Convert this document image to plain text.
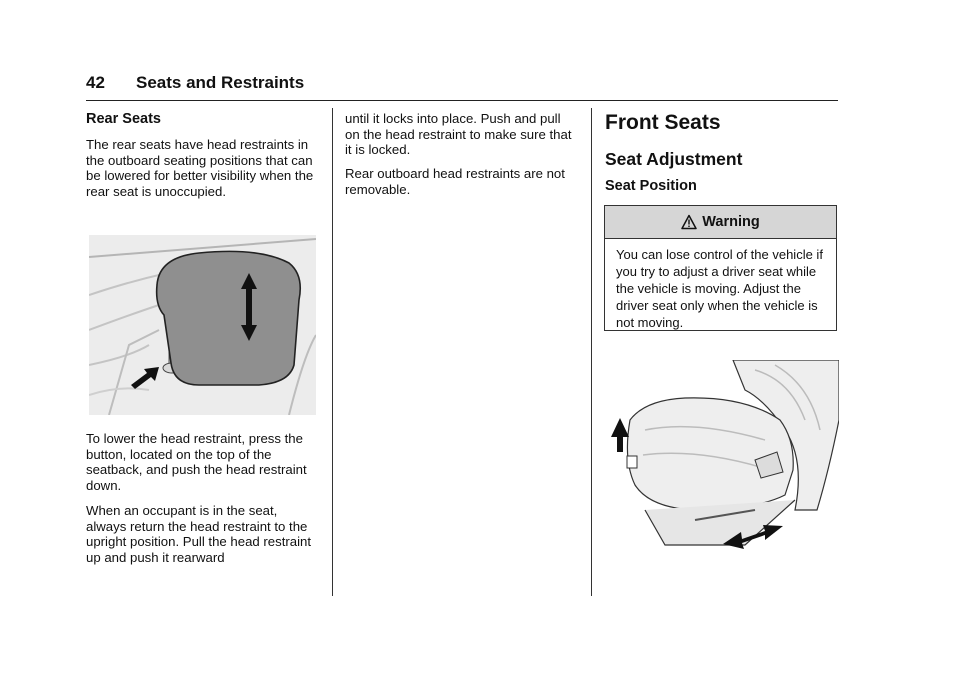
42 Seats and Restraints
Rear Seats

The rear seats have head restraints in the outboard seating positions that can be lowered for better visibility when the rear seat is unoccupied.

To lower the head restraint, press the button, located on the top of the seatback, and push the head restraint down.

When an occupant is in the seat, always return the head restraint to the upright position. Pull the head restraint up and push it rearward

until it locks into place. Push and pull on the head restraint to make sure that it is locked.

Rear outboard head restraints are not removable.

Front Seats
Seat Adjustment
Seat Position
Warning

You can lose control of the vehicle if you try to adjust a driver seat while the vehicle is moving. Adjust the driver seat only when the vehicle is not moving.
